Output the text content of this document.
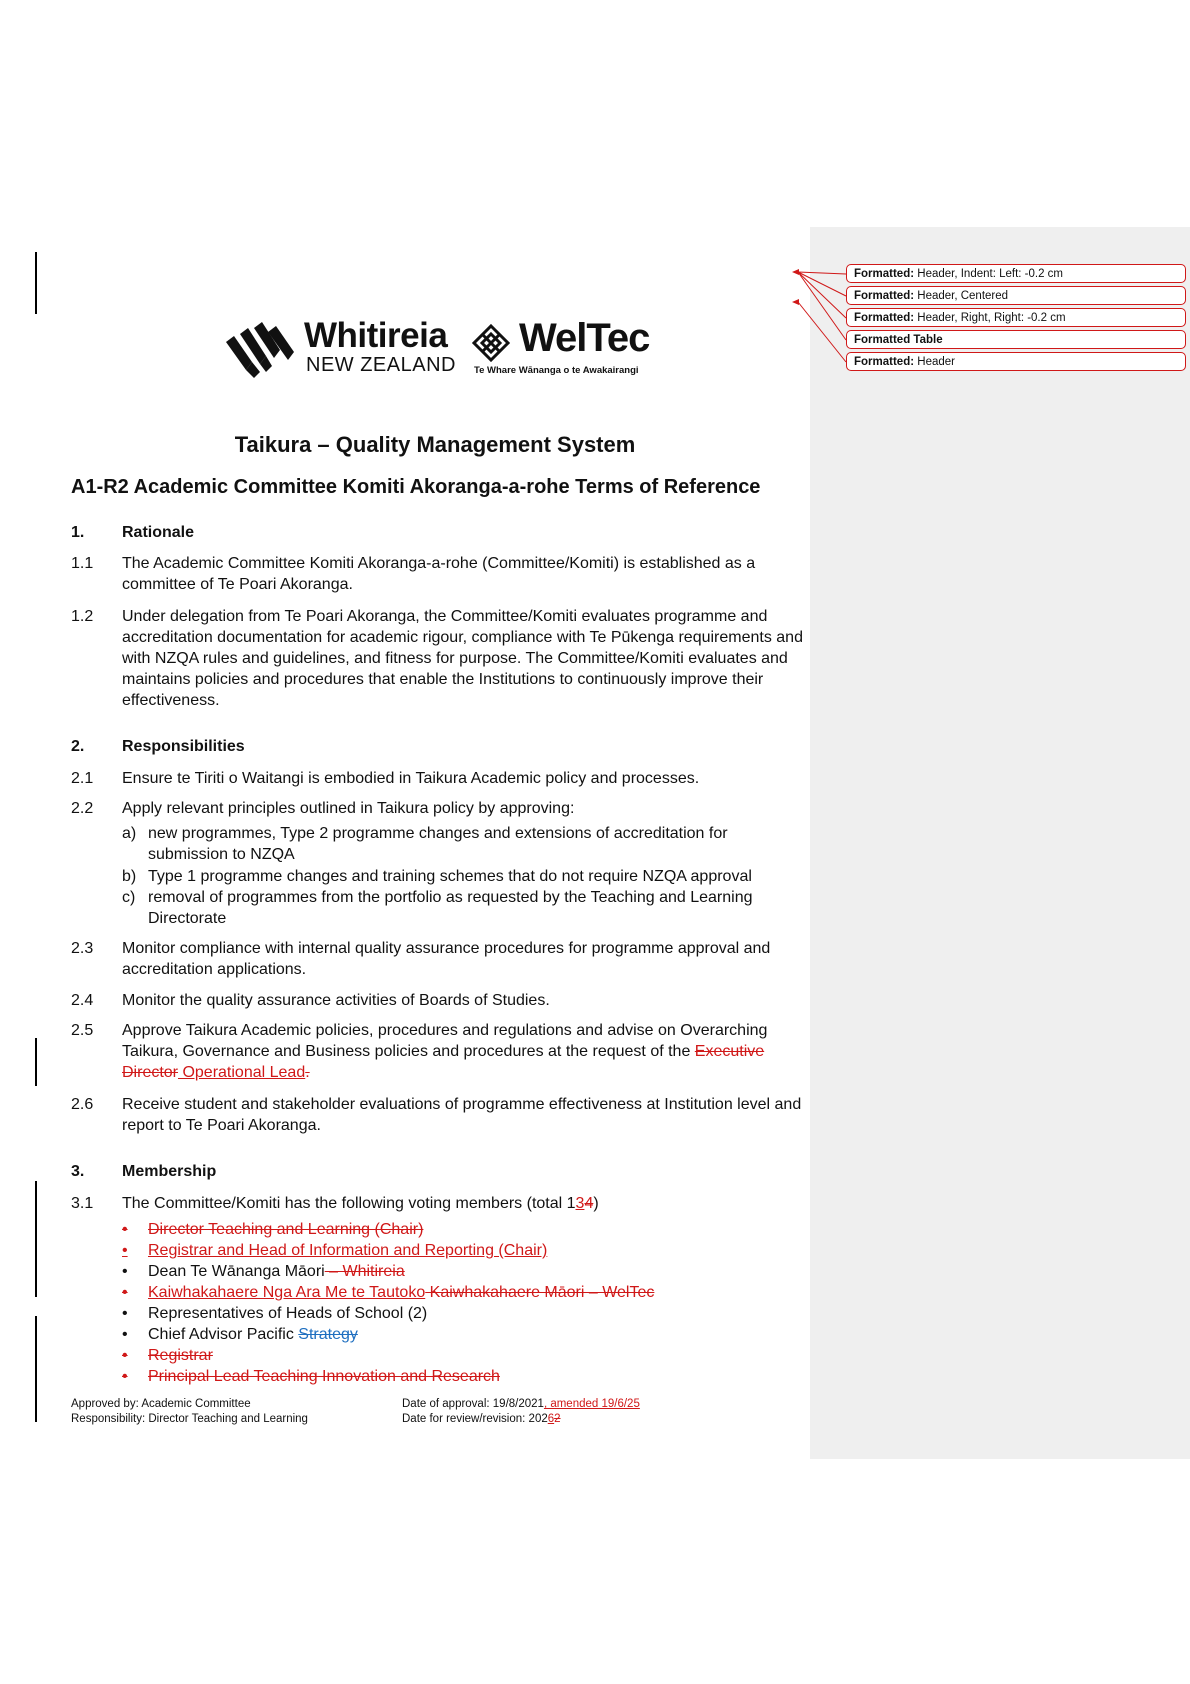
Formatted: Header, Indent: Left: -0.2 cm
Formatted: Header, Centered
Formatted: Header, Right, Right: -0.2 cm
Formatted Table
Formatted: Header
Whitireia
NEW ZEALAND
WelTec
Te Whare Wānanga o te Awakairangi
Taikura – Quality Management System
A1-R2 Academic Committee Komiti Akoranga-a-rohe Terms of Reference
1. Rationale
1.1 The Academic Committee Komiti Akoranga-a-rohe (Committee/Komiti) is established as a committee of Te Poari Akoranga.
1.2 Under delegation from Te Poari Akoranga, the Committee/Komiti evaluates programme and accreditation documentation for academic rigour, compliance with Te Pūkenga requirements and with NZQA rules and guidelines, and fitness for purpose. The Committee/Komiti evaluates and maintains policies and procedures that enable the Institutions to continuously improve their effectiveness.
2. Responsibilities
2.1 Ensure te Tiriti o Waitangi is embodied in Taikura Academic policy and processes.
2.2 Apply relevant principles outlined in Taikura policy by approving:
a) new programmes, Type 2 programme changes and extensions of accreditation for submission to NZQA
b) Type 1 programme changes and training schemes that do not require NZQA approval
c) removal of programmes from the portfolio as requested by the Teaching and Learning Directorate
2.3 Monitor compliance with internal quality assurance procedures for programme approval and accreditation applications.
2.4 Monitor the quality assurance activities of Boards of Studies.
2.5 Approve Taikura Academic policies, procedures and regulations and advise on Overarching Taikura, Governance and Business policies and procedures at the request of the Executive Director Operational Lead.
2.6 Receive student and stakeholder evaluations of programme effectiveness at Institution level and report to Te Poari Akoranga.
3. Membership
3.1 The Committee/Komiti has the following voting members (total 134)
• Director Teaching and Learning (Chair)
• Registrar and Head of Information and Reporting (Chair)
• Dean Te Wānanga Māori – Whitireia
• Kaiwhakahaere Nga Ara Me te Tautoko Kaiwhakahaere Māori – WelTec
• Representatives of Heads of School (2)
• Chief Advisor Pacific Strategy
• Registrar
• Principal Lead Teaching Innovation and Research
Approved by: Academic Committee
Responsibility: Director Teaching and Learning
Date of approval: 19/8/2021, amended 19/6/25
Date for review/revision: 20262
